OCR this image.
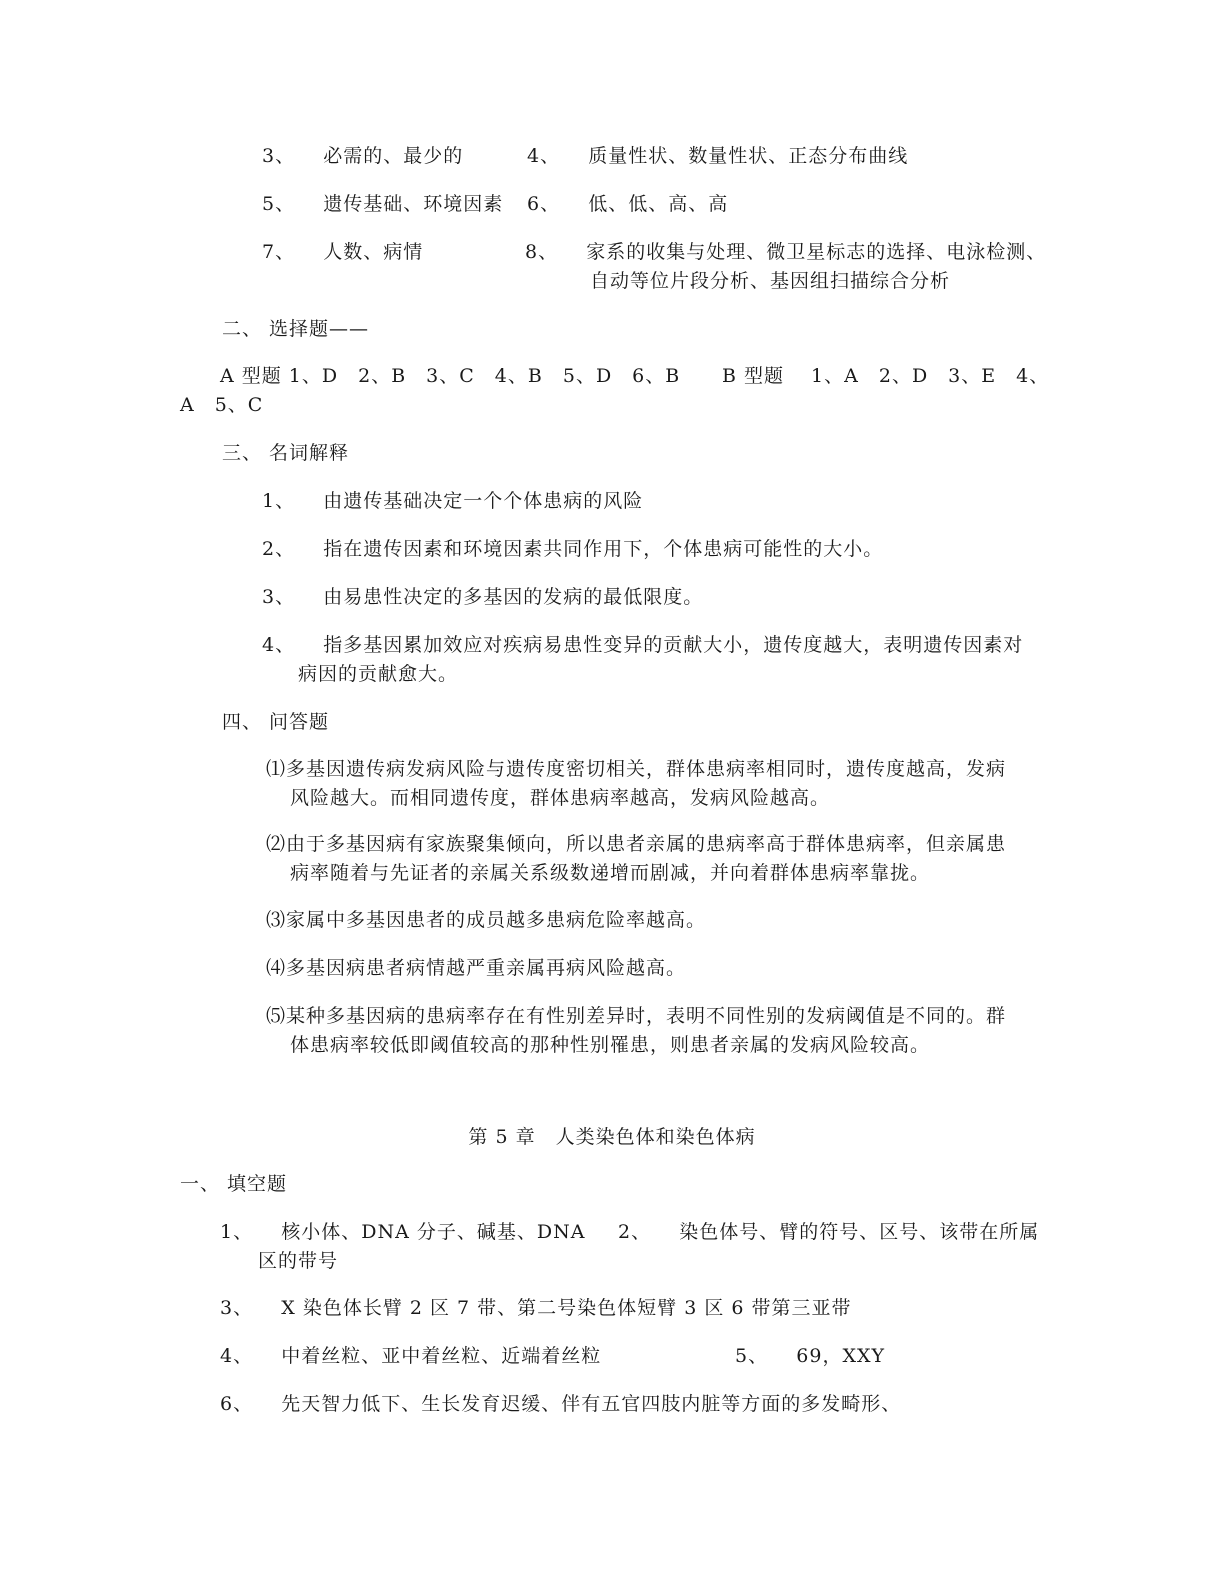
3、 必需的、最少的	4、 质量性状、数量性状、正态分布曲线
5、 遗传基础、环境因素 6、 低、低、高、高
7、 人数、病情	8、 家系的收集与处理、微卫星标志的选择、电泳检测、
自动等位片段分析、基因组扫描综合分析
二、 选择题——
A 型题 1、D　2、B　3、C　4、B　5、D　6、B B 型题　 1、A　2、D　3、E　4、
A　5、C
三、 名词解释
1、 由遗传基础决定一个个体患病的风险
2、 指在遗传因素和环境因素共同作用下，个体患病可能性的大小。
3、 由易患性决定的多基因的发病的最低限度。
4、 指多基因累加效应对疾病易患性变异的贡献大小，遗传度越大，表明遗传因素对
病因的贡献愈大。
四、 问答题
⑴多基因遗传病发病风险与遗传度密切相关，群体患病率相同时，遗传度越高，发病
风险越大。而相同遗传度，群体患病率越高，发病风险越高。
⑵由于多基因病有家族聚集倾向，所以患者亲属的患病率高于群体患病率，但亲属患
病率随着与先证者的亲属关系级数递增而剧减，并向着群体患病率靠拢。
⑶家属中多基因患者的成员越多患病危险率越高。
⑷多基因病患者病情越严重亲属再病风险越高。
⑸某种多基因病的患病率存在有性别差异时，表明不同性别的发病阈值是不同的。群
体患病率较低即阈值较高的那种性别罹患，则患者亲属的发病风险较高。
第 5 章　人类染色体和染色体病
一、 填空题
1、 核小体、DNA 分子、碱基、DNA 2、 染色体号、臂的符号、区号、该带在所属
区的带号
3、 X 染色体长臂 2 区 7 带、第二号染色体短臂 3 区 6 带第三亚带
4、 中着丝粒、亚中着丝粒、近端着丝粒	5、 69，XXY
6、 先天智力低下、生长发育迟缓、伴有五官四肢内脏等方面的多发畸形、
